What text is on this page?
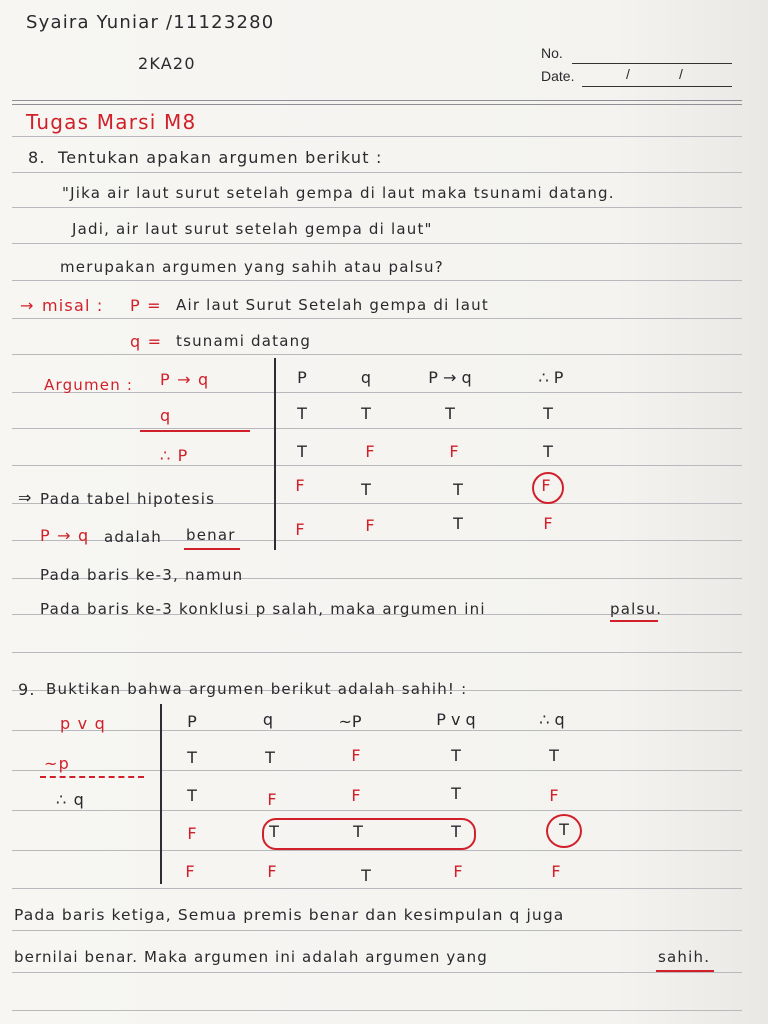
Syaira Yuniar /11123280
2KA20
No.
Date.	/	/
Tugas Marsi M8
8. Tentukan apakan argumen berikut :
"Jika air laut surut setelah gempa di laut maka tsunami datang.
Jadi, air laut surut setelah gempa di laut"
merupakan argumen yang sahih atau palsu?
→ misal : P = Air laut Surut Setelah gempa di laut
q = tsunami datang
Argumen : P → q
q
∴ P
P	q	P → q	∴ P
T	T	T	T
T	F	F	T
F	T	T	F
F	F	T	F
⇒ Pada tabel hipotesis
P → q adalah benar
Pada baris ke-3, namun
Pada baris ke-3 konklusi p salah, maka argumen ini	palsu.
9. Buktikan bahwa argumen berikut adalah sahih! :
p v q
~p
∴ q
P	q	~P	P v q	∴ q
T	T	F	T	T
T	F	F	T	F
F	T	T	T	T
F	F	T	F	F
Pada baris ketiga, Semua premis benar dan kesimpulan q juga
bernilai benar. Maka argumen ini adalah argumen yang	sahih.
